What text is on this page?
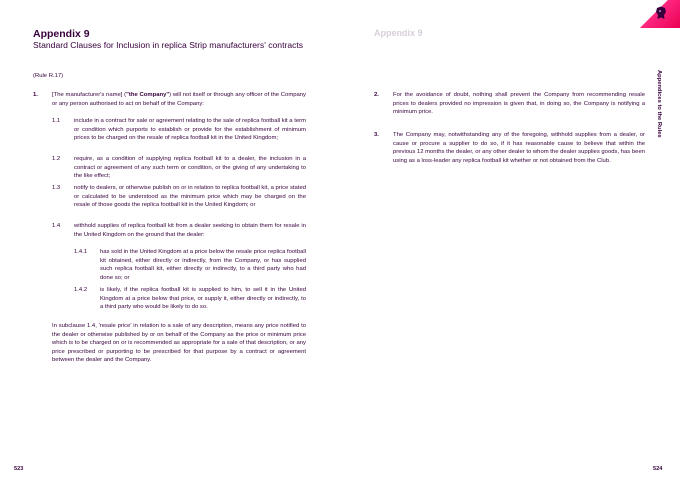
Appendix 9
Standard Clauses for Inclusion in replica Strip manufacturers' contracts
Appendix 9
Appendices to the Rules
(Rule R.17)
1. [The manufacturer's name] ("the Company") will not itself or through any officer of the Company or any person authorised to act on behalf of the Company:
1.1 include in a contract for sale or agreement relating to the sale of replica football kit a term or condition which purports to establish or provide for the establishment of minimum prices to be charged on the resale of replica football kit in the United Kingdom;
1.2 require, as a condition of supplying replica football kit to a dealer, the inclusion in a contract or agreement of any such term or condition, or the giving of any undertaking to the like effect;
1.3 notify to dealers, or otherwise publish on or in relation to replica football kit, a price stated or calculated to be understood as the minimum price which may be charged on the resale of those goods the replica football kit in the United Kingdom; or
1.4 withhold supplies of replica football kit from a dealer seeking to obtain them for resale in the United Kingdom on the ground that the dealer:
1.4.1 has sold in the United Kingdom at a price below the resale price replica football kit obtained, either directly or indirectly, from the Company, or has supplied such replica football kit, either directly or indirectly, to a third party who had done so; or
1.4.2 is likely, if the replica football kit is supplied to him, to sell it in the United Kingdom at a price below that price, or supply it, either directly or indirectly, to a third party who would be likely to do so.
In subclause 1.4, 'resale price' in relation to a sale of any description, means any price notified to the dealer or otherwise published by or on behalf of the Company as the price or minimum price which is to be charged on or is recommended as appropriate for a sale of that description, or any price prescribed or purporting to be prescribed for that purpose by a contract or agreement between the dealer and the Company.
2. For the avoidance of doubt, nothing shall prevent the Company from recommending resale prices to dealers provided no impression is given that, in doing so, the Company is notifying a minimum price.
3. The Company may, notwithstanding any of the foregoing, withhold supplies from a dealer, or cause or procure a supplier to do so, if it has reasonable cause to believe that within the previous 12 months the dealer, or any other dealer to whom the dealer supplies goods, has been using as a loss-leader any replica football kit whether or not obtained from the Club.
523	524
